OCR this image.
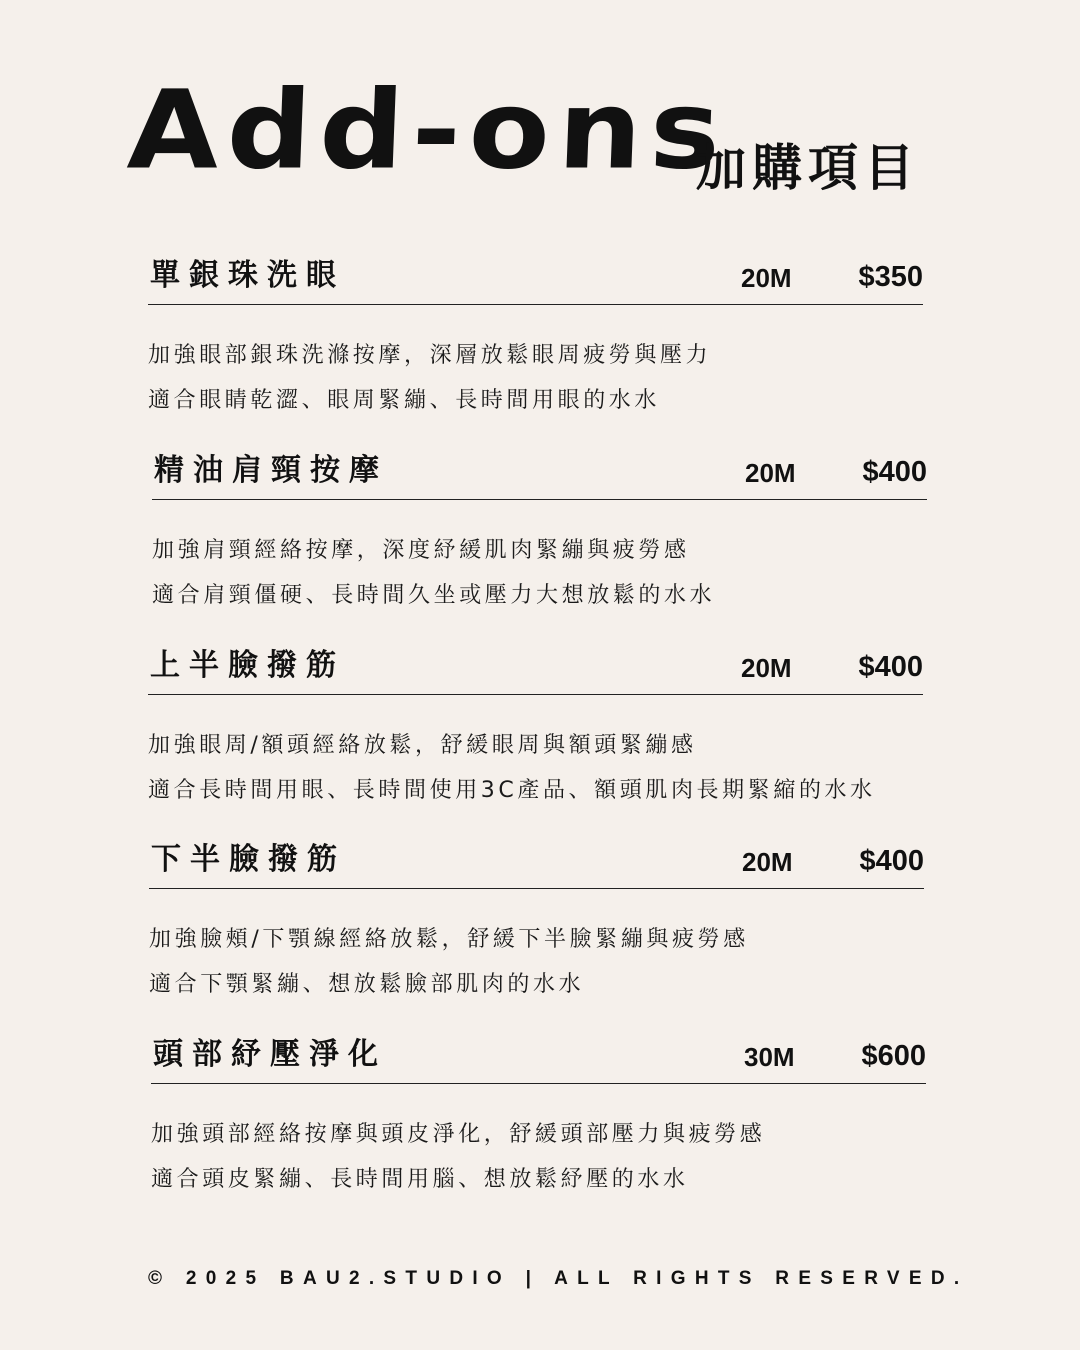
Add-ons
加購項目
單銀珠洗眼	20M $350
加強眼部銀珠洗滌按摩，深層放鬆眼周疲勞與壓力
適合眼睛乾澀、眼周緊繃、長時間用眼的水水
精油肩頸按摩	20M $400
加強肩頸經絡按摩，深度紓緩肌肉緊繃與疲勞感
適合肩頸僵硬、長時間久坐或壓力大想放鬆的水水
上半臉撥筋	20M $400
加強眼周/額頭經絡放鬆，舒緩眼周與額頭緊繃感
適合長時間用眼、長時間使用3C產品、額頭肌肉長期緊縮的水水
下半臉撥筋	20M $400
加強臉頰/下顎線經絡放鬆，舒緩下半臉緊繃與疲勞感
適合下顎緊繃、想放鬆臉部肌肉的水水
頭部紓壓淨化	30M $600
加強頭部經絡按摩與頭皮淨化，舒緩頭部壓力與疲勞感
適合頭皮緊繃、長時間用腦、想放鬆紓壓的水水
© 2025 BAU2.STUDIO | ALL RIGHTS RESERVED.
